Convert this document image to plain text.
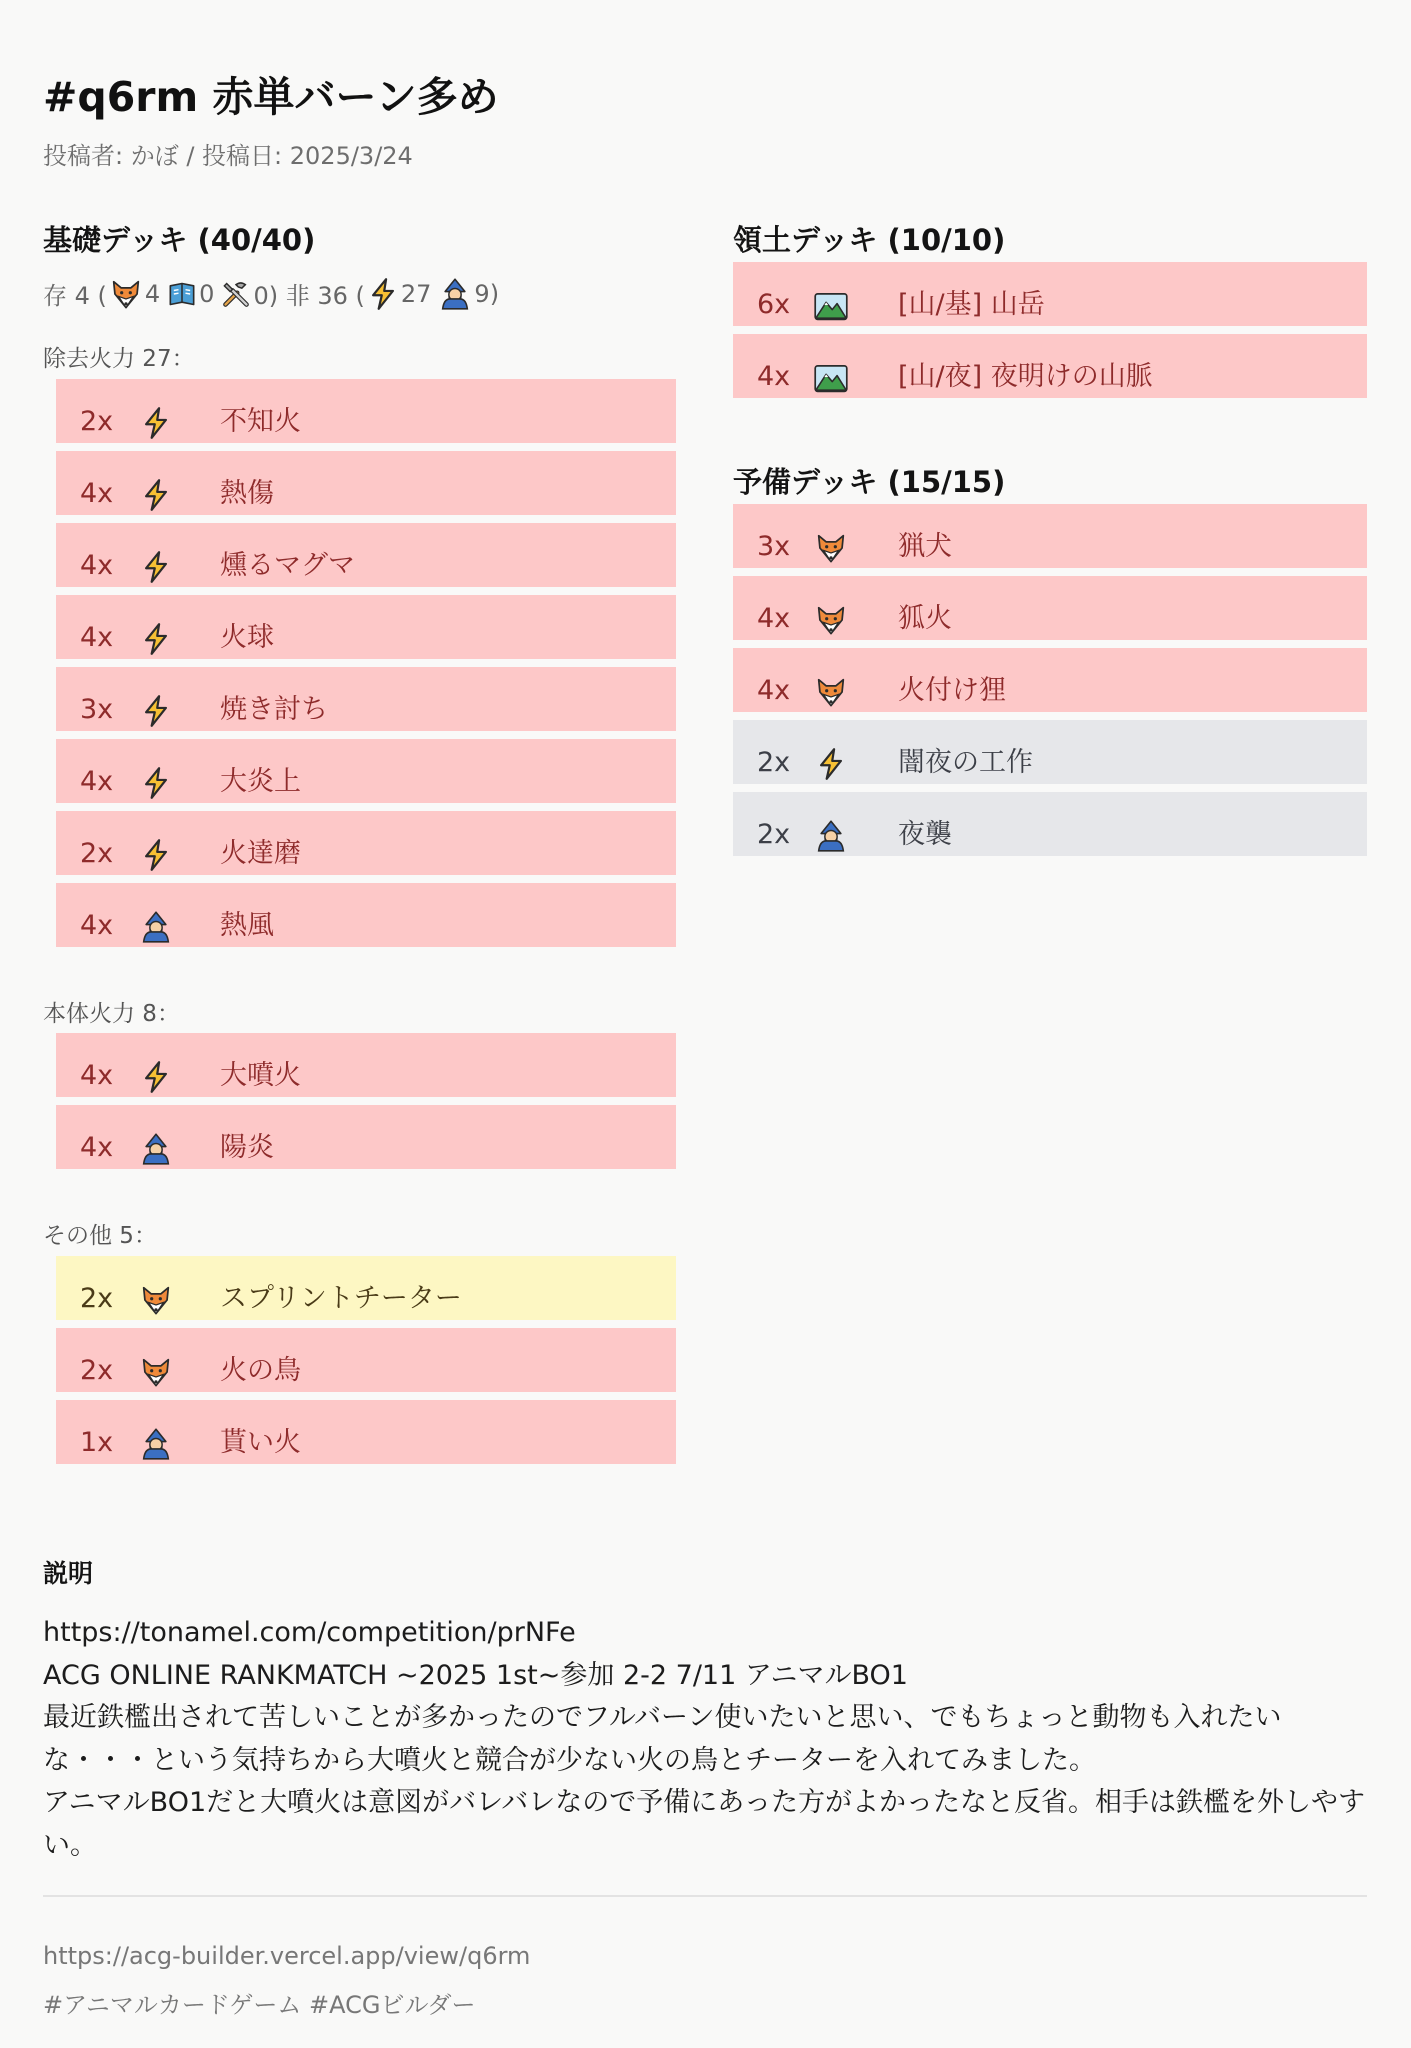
#q6rm 赤単バーン多め
投稿者: かぼ / 投稿日: 2025/3/24
基礎デッキ (40/40)
存 4 ( 4 0 0) 非 36 ( 27 9)
除去火力 27：
2x	不知火
4x	熱傷
4x	燻るマグマ
4x	火球
3x	焼き討ち
4x	大炎上
2x	火達磨
4x	熱風
本体火力 8：
4x	大噴火
4x	陽炎
その他 5：
2x	スプリントチーター
2x	火の鳥
1x	貰い火
領土デッキ (10/10)
6x	[山/基] 山岳
4x	[山/夜] 夜明けの山脈
予備デッキ (15/15)
3x	猟犬
4x	狐火
4x	火付け狸
2x	闇夜の工作
2x	夜襲
説明

https://tonamel.com/competition/prNFe

ACG ONLINE RANKMATCH ~2025 1st~参加 2-2 7/11 アニマルBO1

最近鉄檻出されて苦しいことが多かったのでフルバーン使いたいと思い、でもちょっと動物も入れたいな・・・という気持ちから大噴火と競合が少ない火の鳥とチーターを入れてみました。

アニマルBO1だと大噴火は意図がバレバレなので予備にあった方がよかったなと反省。相手は鉄檻を外しやすい。

https://acg-builder.vercel.app/view/q6rm
#アニマルカードゲーム #ACGビルダー
